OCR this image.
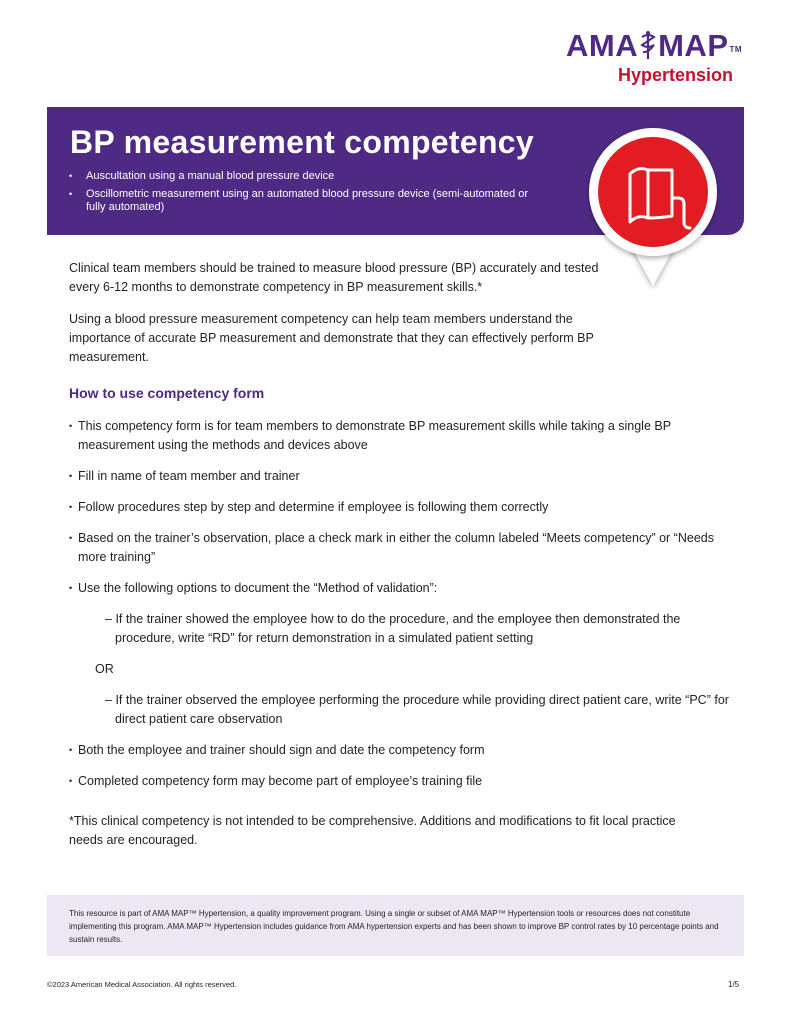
AMA MAP™
Hypertension
BP measurement competency
• Auscultation using a manual blood pressure device
• Oscillometric measurement using an automated blood pressure device (semi-automated or fully automated)

Clinical team members should be trained to measure blood pressure (BP) accurately and tested every 6-12 months to demonstrate competency in BP measurement skills.*

Using a blood pressure measurement competency can help team members understand the importance of accurate BP measurement and demonstrate that they can effectively perform BP measurement.

How to use competency form
• This competency form is for team members to demonstrate BP measurement skills while taking a single BP measurement using the methods and devices above
• Fill in name of team member and trainer
• Follow procedures step by step and determine if employee is following them correctly
• Based on the trainer’s observation, place a check mark in either the column labeled “Meets competency” or “Needs more training”
• Use the following options to document the “Method of validation”:
– If the trainer showed the employee how to do the procedure, and the employee then demonstrated the procedure, write “RD” for return demonstration in a simulated patient setting
OR
– If the trainer observed the employee performing the procedure while providing direct patient care, write “PC” for direct patient care observation
• Both the employee and trainer should sign and date the competency form
• Completed competency form may become part of employee’s training file
*This clinical competency is not intended to be comprehensive. Additions and modifications to fit local practice needs are encouraged.

This resource is part of AMA MAP™ Hypertension, a quality improvement program. Using a single or subset of AMA MAP™ Hypertension tools or resources does not constitute implementing this program. AMA MAP™ Hypertension includes guidance from AMA hypertension experts and has been shown to improve BP control rates by 10 percentage points and sustain results.

©2023 American Medical Association. All rights reserved.	1/5
